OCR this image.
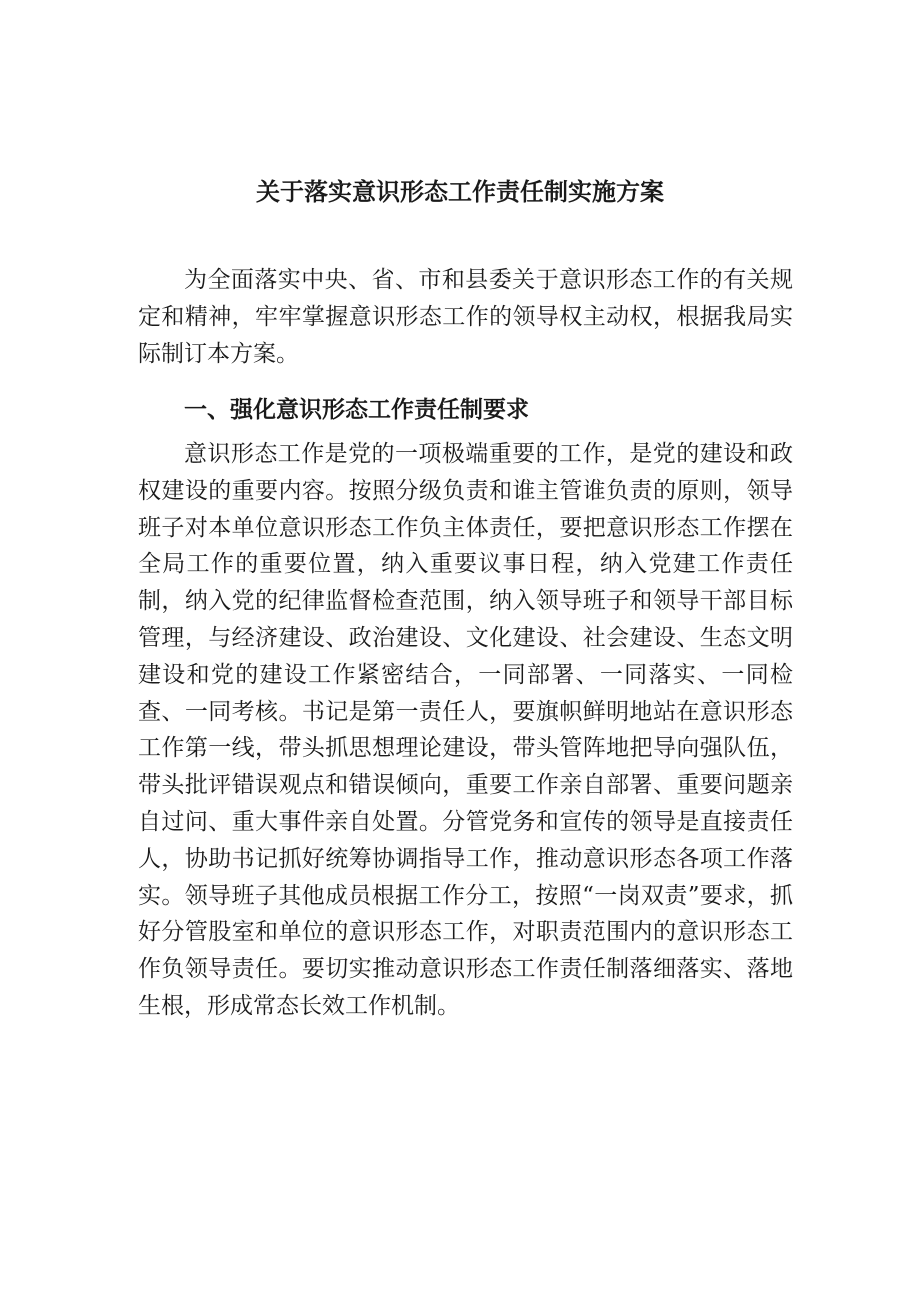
关于落实意识形态工作责任制实施方案

为全面落实中央、省、市和县委关于意识形态工作的有关规定和精神，牢牢掌握意识形态工作的领导权主动权，根据我局实际制订本方案。

一、强化意识形态工作责任制要求

意识形态工作是党的一项极端重要的工作，是党的建设和政权建设的重要内容。按照分级负责和谁主管谁负责的原则，领导班子对本单位意识形态工作负主体责任，要把意识形态工作摆在全局工作的重要位置，纳入重要议事日程，纳入党建工作责任制，纳入党的纪律监督检查范围，纳入领导班子和领导干部目标管理，与经济建设、政治建设、文化建设、社会建设、生态文明建设和党的建设工作紧密结合，一同部署、一同落实、一同检查、一同考核。书记是第一责任人，要旗帜鲜明地站在意识形态工作第一线，带头抓思想理论建设，带头管阵地把导向强队伍，带头批评错误观点和错误倾向，重要工作亲自部署、重要问题亲自过问、重大事件亲自处置。分管党务和宣传的领导是直接责任人，协助书记抓好统筹协调指导工作，推动意识形态各项工作落实。领导班子其他成员根据工作分工，按照“一岗双责”要求，抓好分管股室和单位的意识形态工作，对职责范围内的意识形态工作负领导责任。要切实推动意识形态工作责任制落细落实、落地生根，形成常态长效工作机制。
